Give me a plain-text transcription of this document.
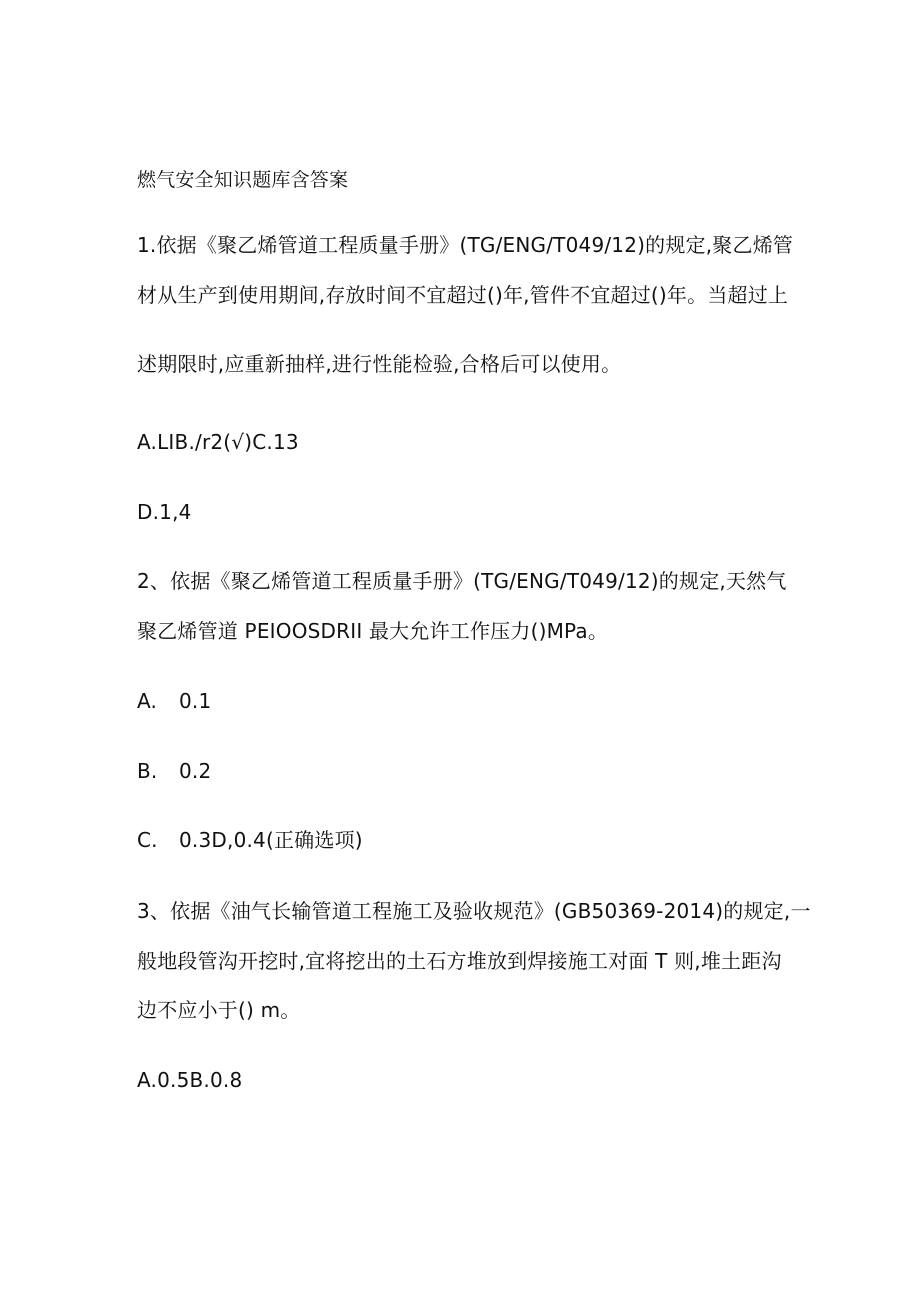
燃气安全知识题库含答案
1.依据《聚乙烯管道工程质量手册》(TG/ENG/T049/12)的规定,聚乙烯管
材从生产到使用期间,存放时间不宜超过()年,管件不宜超过()年。当超过上
述期限时,应重新抽样,进行性能检验,合格后可以使用。
A.LIB./r2(√)C.13
D.1,4
2、依据《聚乙烯管道工程质量手册》(TG/ENG/T049/12)的规定,天然气
聚乙烯管道 PEIOOSDRII 最大允许工作压力()MPa。
A. 0.1
B. 0.2
C. 0.3D,0.4(正确选项)
3、依据《油气长输管道工程施工及验收规范》(GB50369-2014)的规定,一
般地段管沟开挖时,宜将挖出的土石方堆放到焊接施工对面 T 则,堆土距沟
边不应小于() m。
A.0.5B.0.8
